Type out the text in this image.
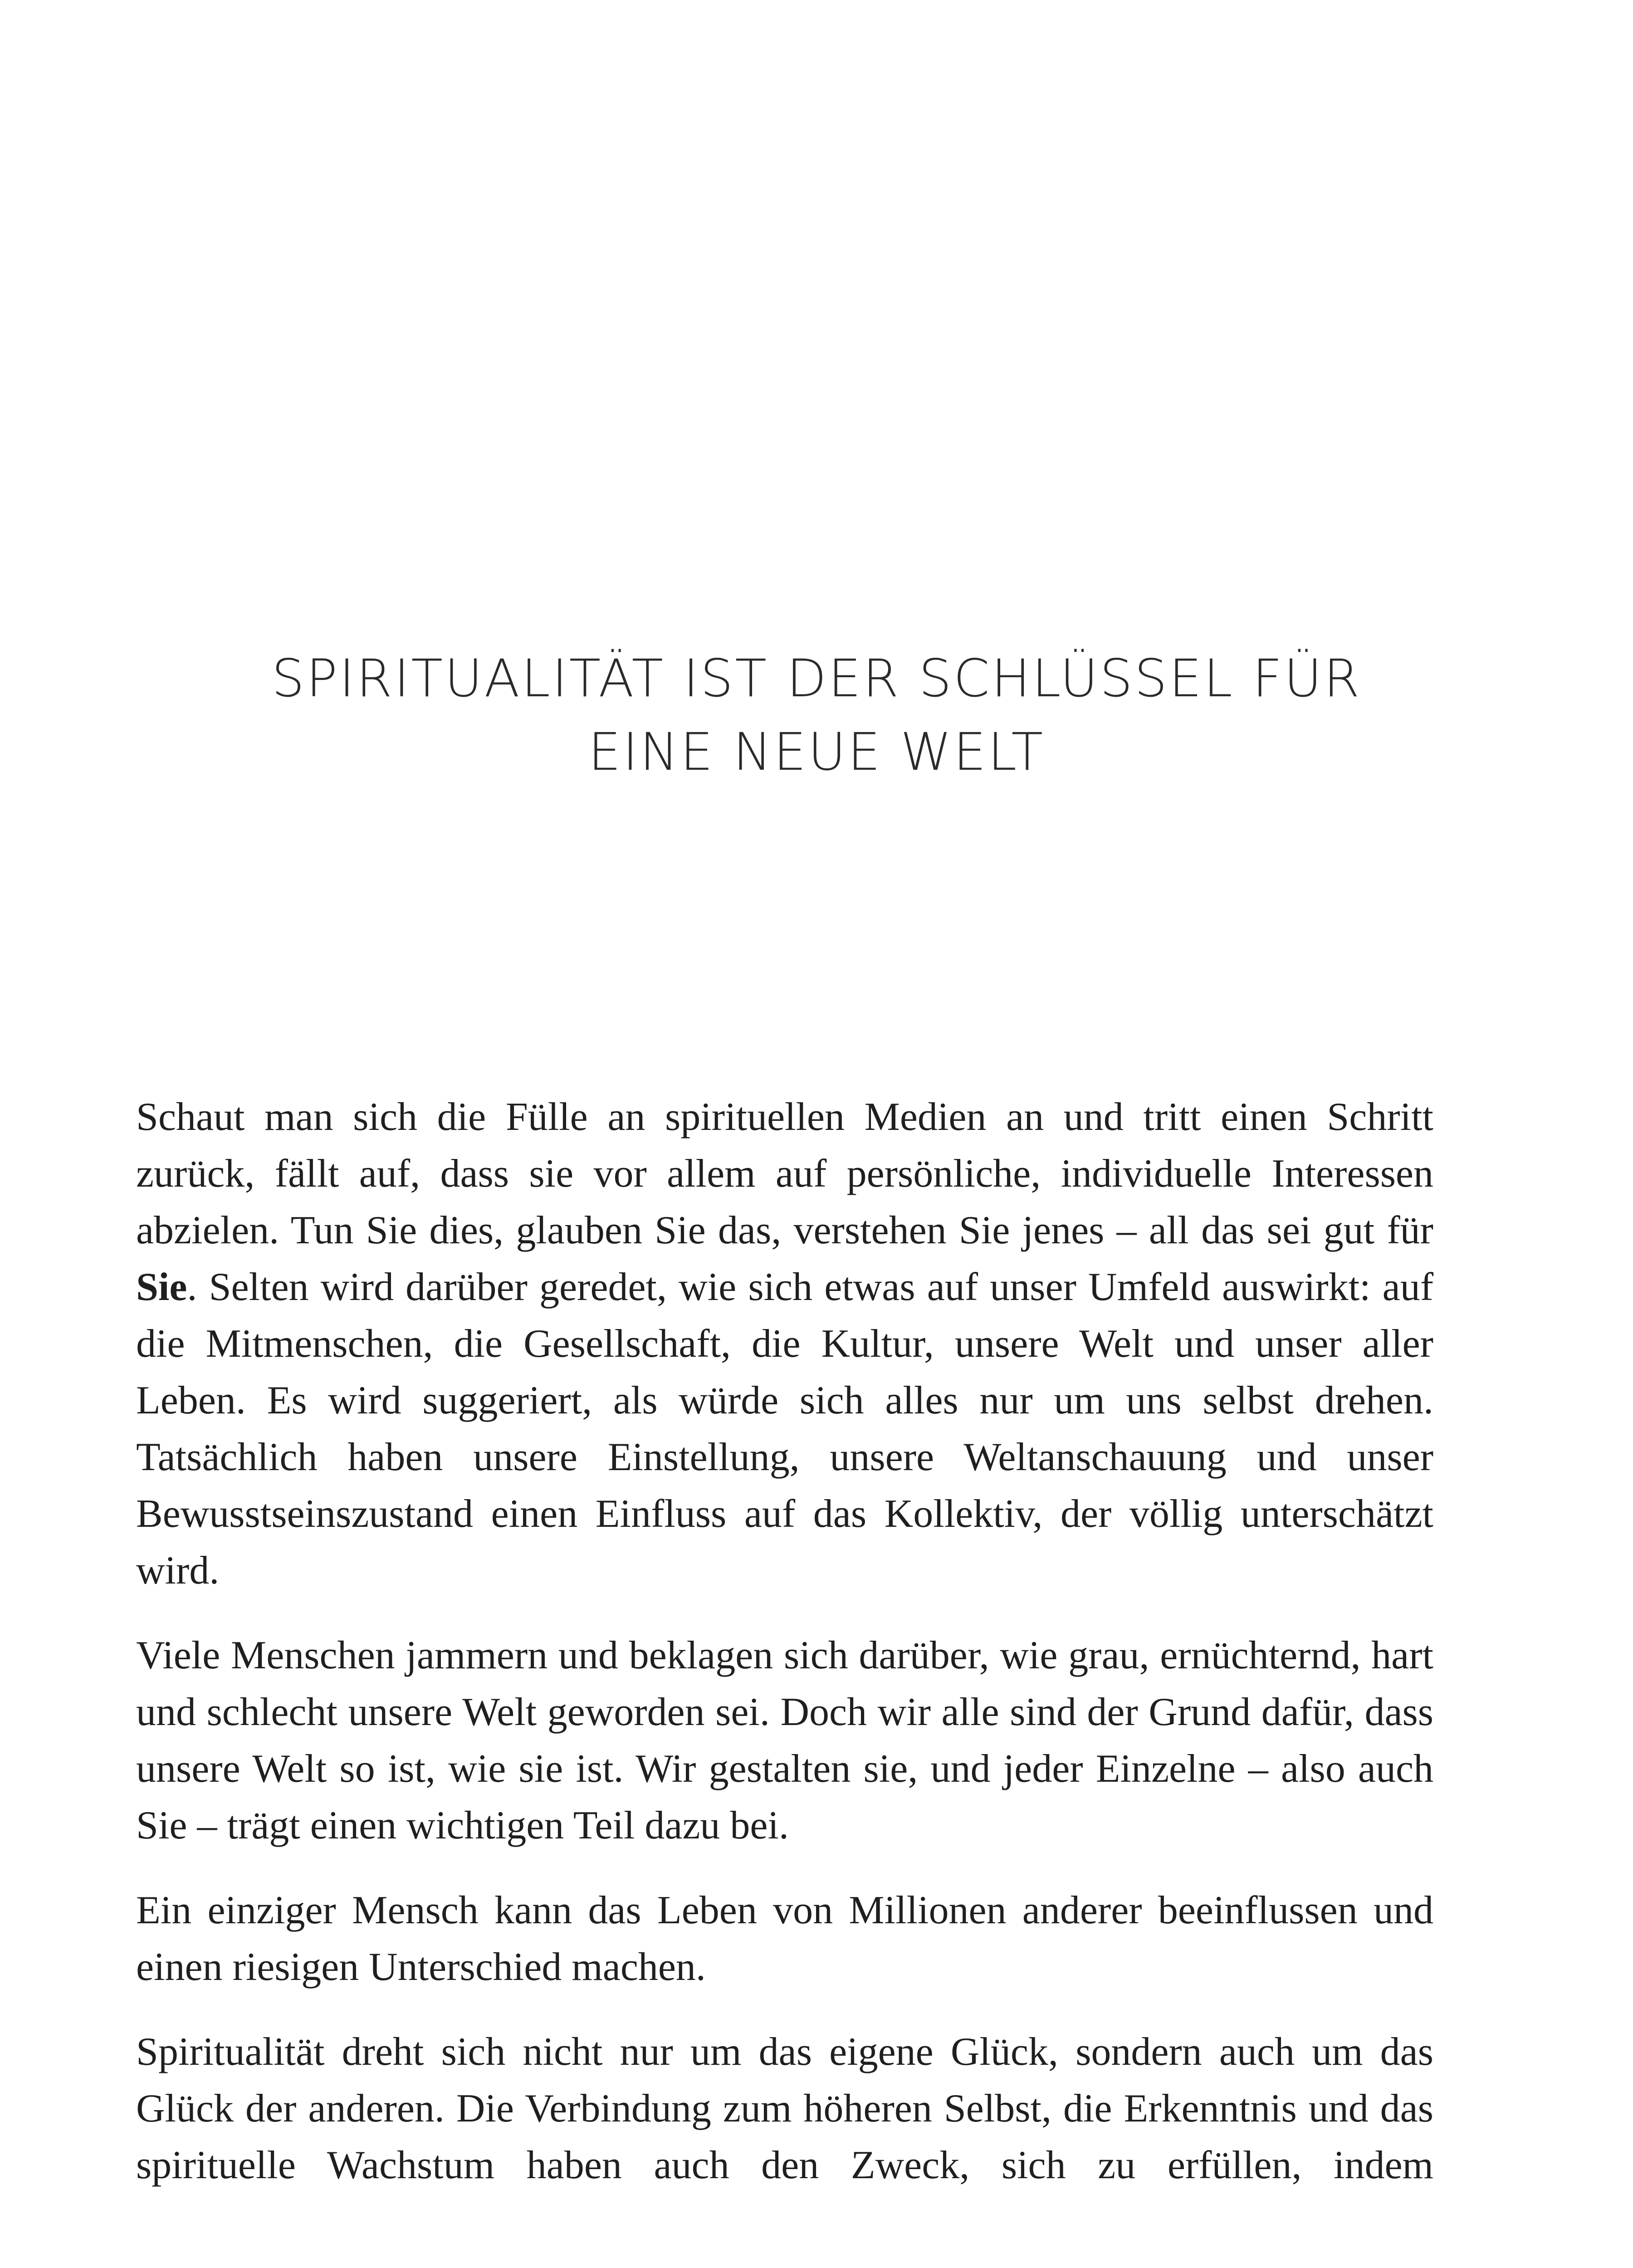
SPIRITUALITÄT IST DER SCHLÜSSEL FÜR
EINE NEUE WELT

Schaut man sich die Fülle an spirituellen Medien an und tritt einen Schritt zurück, fällt auf, dass sie vor allem auf persönliche, individuelle Interessen abzielen. Tun Sie dies, glauben Sie das, verstehen Sie jenes – all das sei gut für Sie. Selten wird darüber geredet, wie sich etwas auf unser Umfeld auswirkt: auf die Mitmenschen, die Gesellschaft, die Kultur, unsere Welt und unser aller Leben. Es wird suggeriert, als würde sich alles nur um uns selbst drehen. Tatsächlich haben unsere Einstellung, unsere Weltanschauung und unser Bewusstseinszustand einen Einfluss auf das Kollektiv, der völlig unterschätzt wird.

Viele Menschen jammern und beklagen sich darüber, wie grau, ernüchternd, hart und schlecht unsere Welt geworden sei. Doch wir alle sind der Grund dafür, dass unsere Welt so ist, wie sie ist. Wir gestalten sie, und jeder Einzelne – also auch Sie – trägt einen wichtigen Teil dazu bei.

Ein einziger Mensch kann das Leben von Millionen anderer beeinflussen und einen riesigen Unterschied machen.

Spiritualität dreht sich nicht nur um das eigene Glück, sondern auch um das Glück der anderen. Die Verbindung zum höheren Selbst, die Erkenntnis und das spirituelle Wachstum haben auch den Zweck, sich zu erfüllen, indem
